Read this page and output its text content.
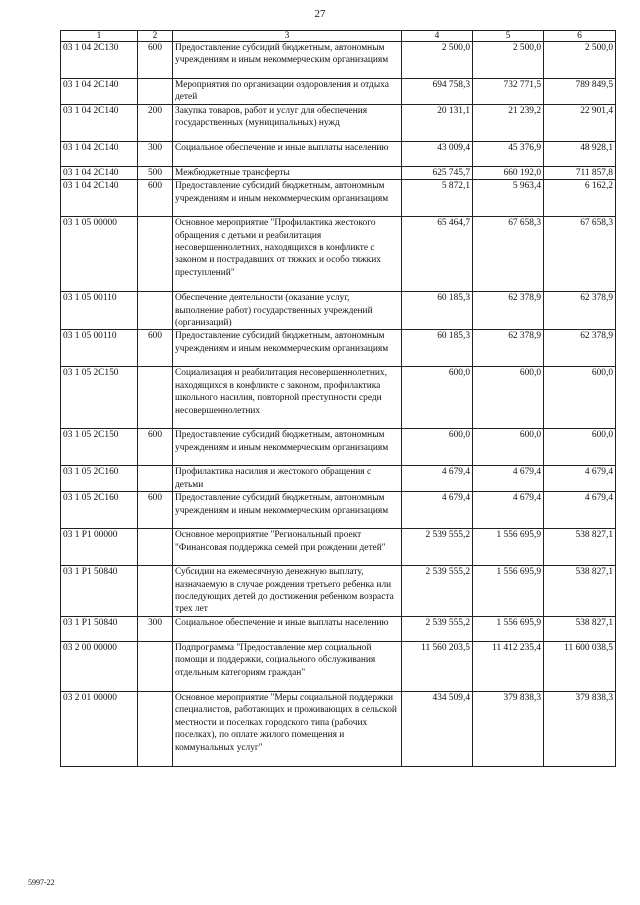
27
1	2	3	4	5	6
03 1 04 2С130	600	Предоставление субсидий бюджетным, автономным учреждениям и иным некоммерческим организациям	2 500,0	2 500,0	2 500,0
03 1 04 2С140		Мероприятия по организации оздоровления и отдыха детей	694 758,3	732 771,5	789 849,5
03 1 04 2С140	200	Закупка товаров, работ и услуг для обеспечения государственных (муниципальных) нужд	20 131,1	21 239,2	22 901,4
03 1 04 2С140	300	Социальное обеспечение и иные выплаты населению	43 009,4	45 376,9	48 928,1
03 1 04 2С140	500	Межбюджетные трансферты	625 745,7	660 192,0	711 857,8
03 1 04 2С140	600	Предоставление субсидий бюджетным, автономным учреждениям и иным некоммерческим организациям	5 872,1	5 963,4	6 162,2
03 1 05 00000		Основное мероприятие "Профилактика жестокого обращения с детьми и реабилитация несовершеннолетних, находящихся в конфликте с законом и пострадавших от тяжких и особо тяжких преступлений"	65 464,7	67 658,3	67 658,3
03 1 05 00110		Обеспечение деятельности (оказание услуг, выполнение работ) государственных учреждений (организаций)	60 185,3	62 378,9	62 378,9
03 1 05 00110	600	Предоставление субсидий бюджетным, автономным учреждениям и иным некоммерческим организациям	60 185,3	62 378,9	62 378,9
03 1 05 2С150		Социализация и реабилитация несовершеннолетних, находящихся в конфликте с законом, профилактика школьного насилия, повторной преступности среди несовершеннолетних	600,0	600,0	600,0
03 1 05 2С150	600	Предоставление субсидий бюджетным, автономным учреждениям и иным некоммерческим организациям	600,0	600,0	600,0
03 1 05 2С160		Профилактика насилия и жестокого обращения с детьми	4 679,4	4 679,4	4 679,4
03 1 05 2С160	600	Предоставление субсидий бюджетным, автономным учреждениям и иным некоммерческим организациям	4 679,4	4 679,4	4 679,4
03 1 Р1 00000		Основное мероприятие "Региональный проект "Финансовая поддержка семей при рождении детей"	2 539 555,2	1 556 695,9	538 827,1
03 1 Р1 50840		Субсидии на ежемесячную денежную выплату, назначаемую в случае рождения третьего ребенка или последующих детей до достижения ребенком возраста трех лет	2 539 555,2	1 556 695,9	538 827,1
03 1 Р1 50840	300	Социальное обеспечение и иные выплаты населению	2 539 555,2	1 556 695,9	538 827,1
03 2 00 00000		Подпрограмма "Предоставление мер социальной помощи и поддержки, социального обслуживания отдельным категориям граждан"	11 560 203,5	11 412 235,4	11 600 038,5
03 2 01 00000		Основное мероприятие "Меры социальной поддержки специалистов, работающих и проживающих в сельской местности и поселках городского типа (рабочих поселках), по оплате жилого помещения и коммунальных услуг"	434 509,4	379 838,3	379 838,3
5997-22
